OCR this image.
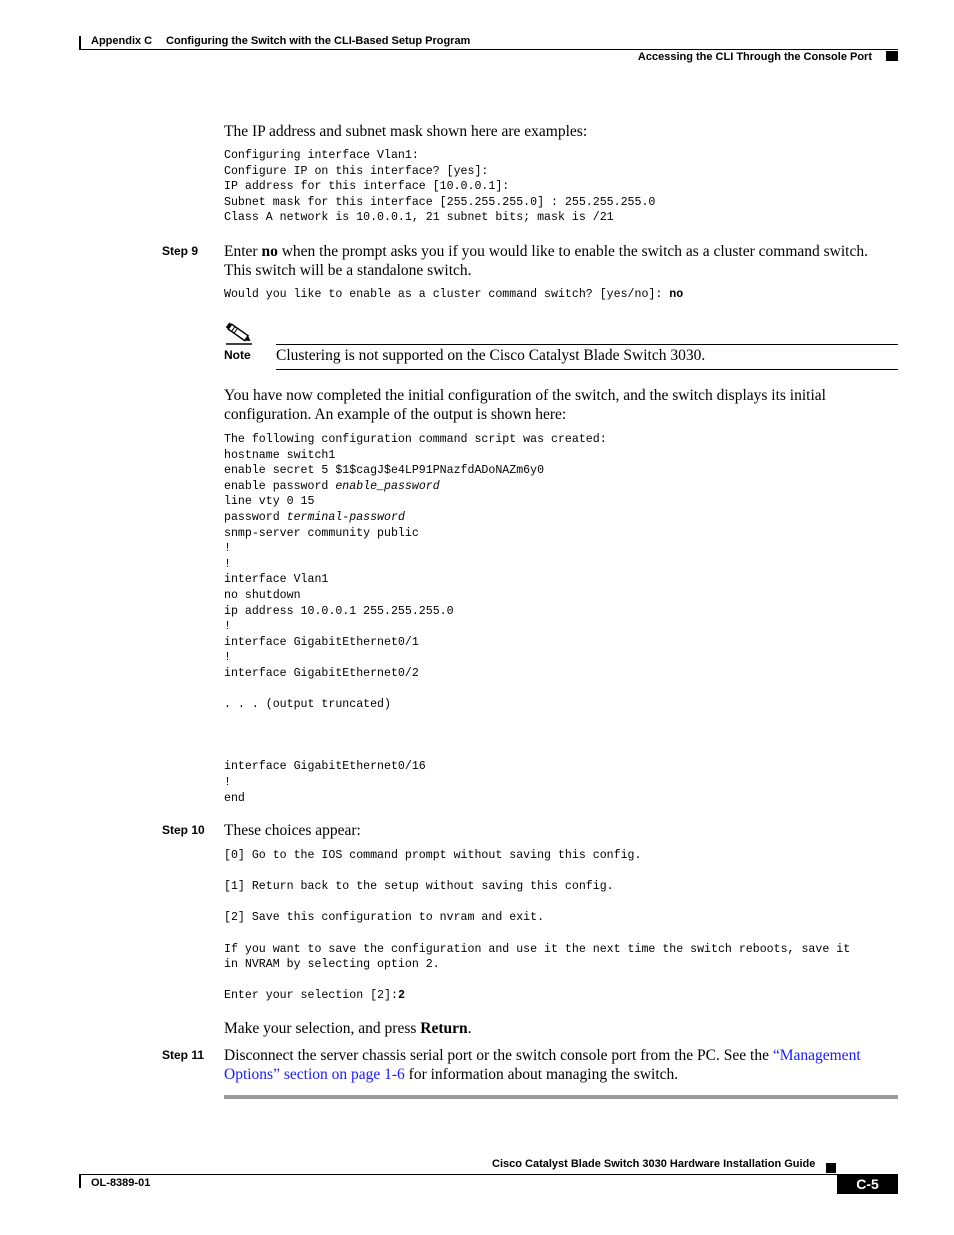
Appendix C Configuring the Switch with the CLI-Based Setup Program
Accessing the CLI Through the Console Port
The IP address and subnet mask shown here are examples:
Configuring interface Vlan1:
Configure IP on this interface? [yes]:
IP address for this interface [10.0.0.1]:
Subnet mask for this interface [255.255.255.0] : 255.255.255.0
Class A network is 10.0.0.1, 21 subnet bits; mask is /21
Step 9 Enter no when the prompt asks you if you would like to enable the switch as a cluster command switch. This switch will be a standalone switch.
Would you like to enable as a cluster command switch? [yes/no]: no
Note Clustering is not supported on the Cisco Catalyst Blade Switch 3030.
You have now completed the initial configuration of the switch, and the switch displays its initial configuration. An example of the output is shown here:
The following configuration command script was created:
hostname switch1
enable secret 5 $1$cagJ$e4LP91PNazfdADoNAZm6y0
enable password enable_password
line vty 0 15
password terminal-password
snmp-server community public
!
!
interface Vlan1
no shutdown
ip address 10.0.0.1 255.255.255.0
!
interface GigabitEthernet0/1
!
interface GigabitEthernet0/2
. . . (output truncated)
interface GigabitEthernet0/16
!
end
Step 10 These choices appear:
[0] Go to the IOS command prompt without saving this config.
[1] Return back to the setup without saving this config.
[2] Save this configuration to nvram and exit.
If you want to save the configuration and use it the next time the switch reboots, save it
in NVRAM by selecting option 2.
Enter your selection [2]:2
Make your selection, and press Return.
Step 11 Disconnect the server chassis serial port or the switch console port from the PC. See the “Management Options” section on page 1-6 for information about managing the switch.
Cisco Catalyst Blade Switch 3030 Hardware Installation Guide
OL-8389-01	C-5
